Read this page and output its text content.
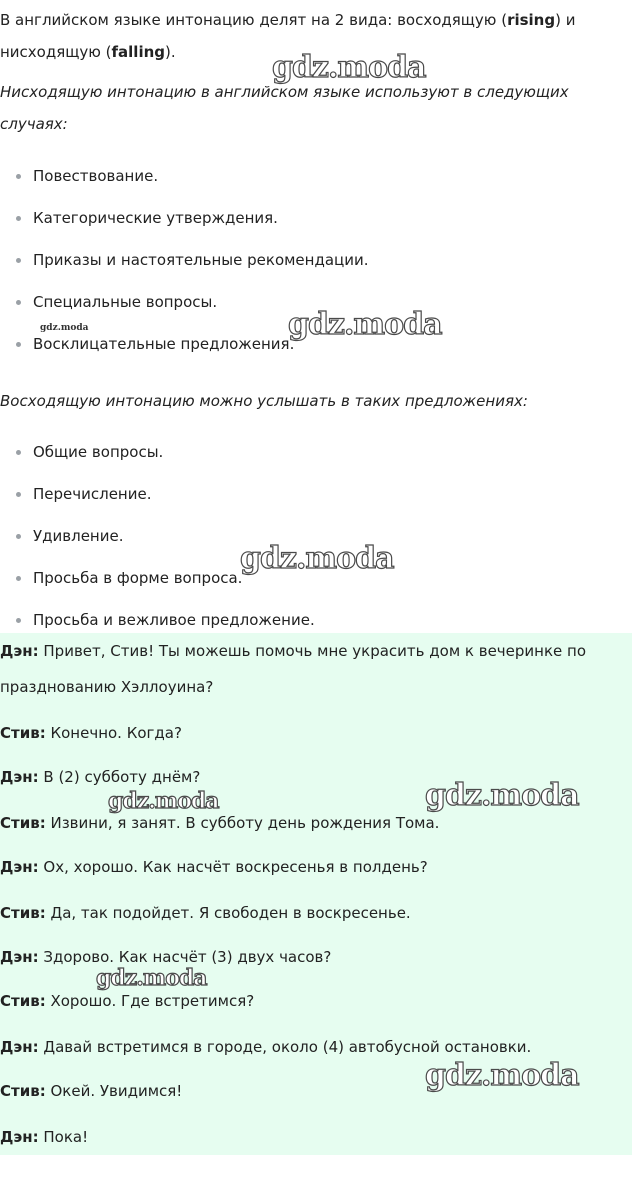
В английском языке интонацию делят на 2 вида: восходящую (rising) и нисходящую (falling).
Нисходящую интонацию в английском языке используют в следующих случаях:
Повествование.
Категорические утверждения.
Приказы и настоятельные рекомендации.
Специальные вопросы.
Восклицательные предложения.
Восходящую интонацию можно услышать в таких предложениях:
Общие вопросы.
Перечисление.
Удивление.
Просьба в форме вопроса.
Просьба и вежливое предложение.
Дэн: Привет, Стив! Ты можешь помочь мне украсить дом к вечеринке по празднованию Хэллоуина?
Стив: Конечно. Когда?
Дэн: В (2) субботу днём?
Стив: Извини, я занят. В субботу день рождения Тома.
Дэн: Ох, хорошо. Как насчёт воскресенья в полдень?
Стив: Да, так подойдет. Я свободен в воскресенье.
Дэн: Здорово. Как насчёт (3) двух часов?
Стив: Хорошо. Где встретимся?
Дэн: Давай встретимся в городе, около (4) автобусной остановки.
Стив: Окей. Увидимся!
Дэн: Пока!
gdz.moda
gdz.moda	gdz.moda
gdz.moda
gdz.moda	gdz.moda
gdz.moda
gdz.moda
